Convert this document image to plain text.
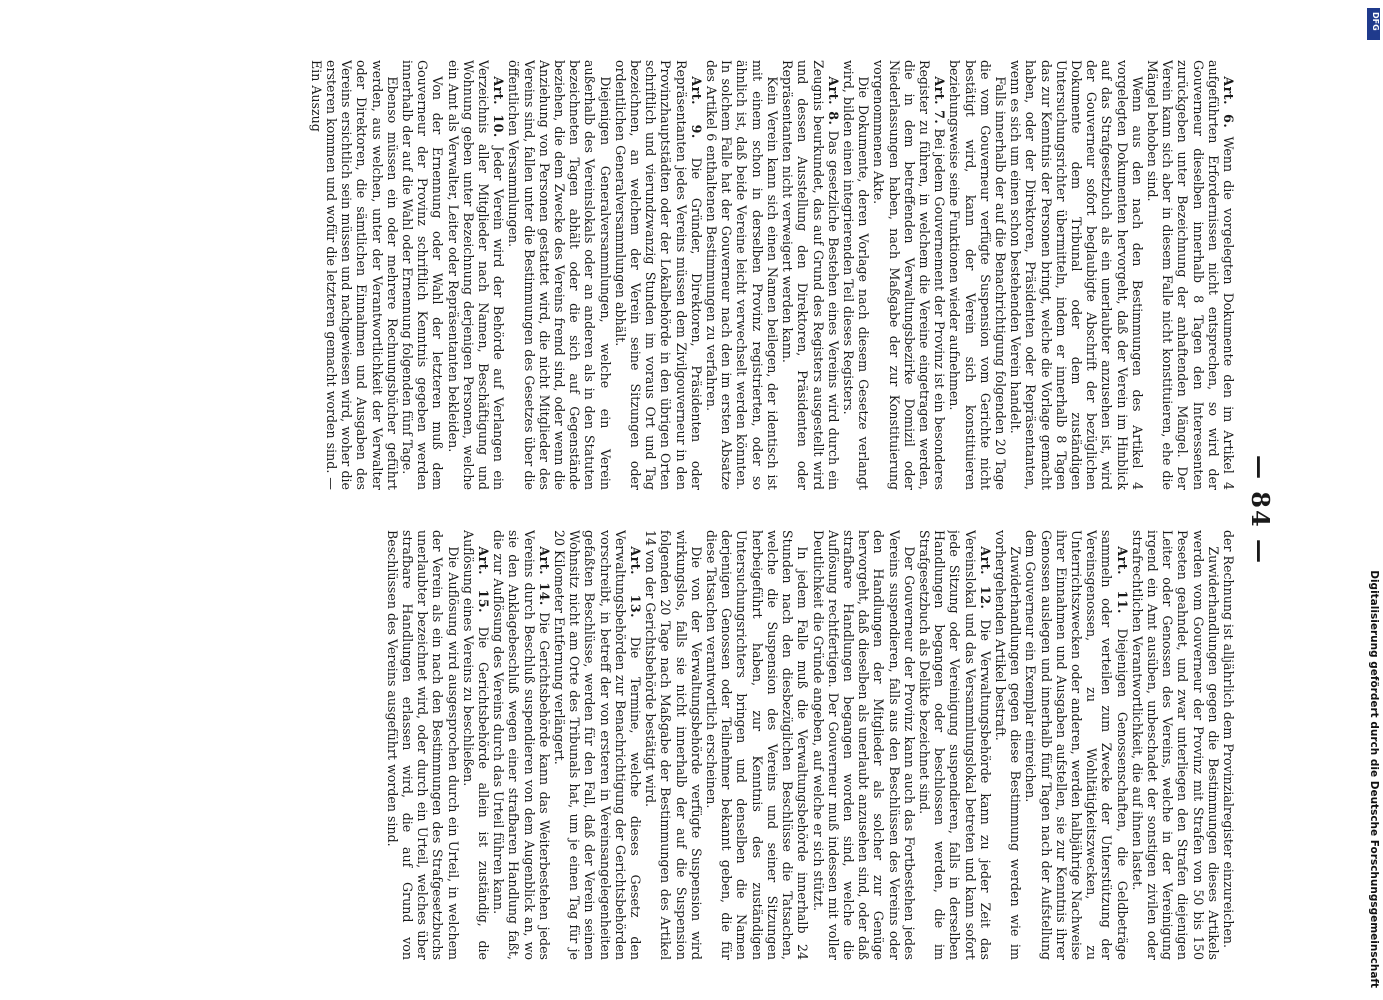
— 84 —

Art. 6. Wenn die vorgelegten Dokumente den im Artikel 4 aufgeführten Erfordernissen nicht entsprechen, so wird der Gouverneur dieselben innerhalb 8 Tagen den Interessenten zurückgeben unter Bezeichnung der anhaftenden Mängel. Der Verein kann sich aber in diesem Falle nicht konstituieren, ehe die Mängel behoben sind.

Wenn aus den nach den Bestimmungen des Artikel 4 vorgelegten Dokumenten hervorgeht, daß der Verein im Hinblick auf das Strafgesetzbuch als ein unerlaubter anzusehen ist, wird der Gouverneur sofort beglaubigte Abschrift der bezüglichen Dokumente dem Tribunal oder dem zuständigen Untersuchungsrichter übermitteln, indem er innerhalb 8 Tagen das zur Kenntnis der Personen bringt, welche die Vorlage gemacht haben, oder der Direktoren, Präsidenten oder Repräsentanten, wenn es sich um einen schon bestehenden Verein handelt.

Falls innerhalb der auf die Benachrichtigung folgenden 20 Tage die vom Gouverneur verfügte Suspension vom Gerichte nicht bestätigt wird, kann der Verein sich konstituieren beziehungsweise seine Funktionen wieder aufnehmen.

Art. 7. Bei jedem Gouvernement der Provinz ist ein besonderes Register zu führen, in welchem die Vereine eingetragen werden, die in dem betreffenden Verwaltungsbezirke Domizil oder Niederlassungen haben, nach Maßgabe der zur Konstituierung vorgenommenen Akte.

Die Dokumente, deren Vorlage nach diesem Gesetze verlangt wird, bilden einen integrierenden Teil dieses Registers.

Art. 8. Das gesetzliche Bestehen eines Vereins wird durch ein Zeugnis beurkundet, das auf Grund des Registers ausgestellt wird und dessen Ausstellung den Direktoren, Präsidenten oder Repräsentanten nicht verweigert werden kann.

Kein Verein kann sich einen Namen beilegen, der identisch ist mit einem schon in derselben Provinz registrierten, oder so ähnlich ist, daß beide Vereine leicht verwechselt werden könnten. In solchem Falle hat der Gouverneur nach den im ersten Absatze des Artikel 6 enthaltenen Bestimmungen zu verfahren.

Art. 9. Die Gründer, Direktoren, Präsidenten oder Repräsentanten jedes Vereins müssen dem Zivilgouverneur in den Provinzhauptstädten oder der Lokalbehörde in den übrigen Orten schriftlich und vierundzwanzig Stunden im voraus Ort und Tag bezeichnen, an welchem der Verein seine Sitzungen oder ordentlichen Generalversammlungen abhält.

Diejenigen Generalversammlungen, welche ein Verein außerhalb des Vereinslokals oder an anderen als in den Statuten bezeichneten Tagen abhält oder die sich auf Gegenstände beziehen, die dem Zwecke des Vereins fremd sind, oder wenn die Anziehung von Personen gestattet wird, die nicht Mitglieder des Vereins sind, fallen unter die Bestimmungen des Gesetzes über die öffentlichen Versammlungen.

Art. 10. Jeder Verein wird der Behörde auf Verlangen ein Verzeichnis aller Mitglieder nach Namen, Beschäftigung und Wohnung geben unter Bezeichnung derjenigen Personen, welche ein Amt als Verwalter, Leiter oder Repräsentanten bekleiden.

Von der Ernennung oder Wahl der letzteren muß dem Gouverneur der Provinz schriftlich Kenntnis gegeben werden innerhalb der auf die Wahl oder Ernennung folgenden fünf Tage.

Ebenso müssen ein oder mehrere Rechnungsbücher geführt werden, aus welchen, unter der Verantwortlichkeit der Verwalter oder Direktoren, die sämtlichen Einnahmen und Ausgaben des Vereins ersichtlich sein müssen und nachgewiesen wird, woher die ersteren kommen und wofür die letzteren gemacht worden sind. — Ein Auszug

der Rechnung ist alljährlich dem Provinzialregister einzureichen.

Zuwiderhandlungen gegen die Bestimmungen dieses Artikels werden vom Gouverneur der Provinz mit Strafen von 50 bis 150 Peseten geahndet, und zwar unterliegen den Strafen diejenigen Leiter oder Genossen des Vereins, welche in der Vereinigung irgend ein Amt ausüben, unbeschadet der sonstigen zivilen oder strafrechtlichen Verantwortlichkeit, die auf ihnen lastet.

Art. 11. Diejenigen Genossenschaften, die Geldbeträge sammeln oder verteilen zum Zwecke der Unterstützung der Vereinsgenossen, zu Wohltätigkeitszwecken, zu Unterrichtszwecken oder anderen, werden halbjährige Nachweise ihrer Einnahmen und Ausgaben aufstellen, sie zur Kenntnis ihrer Genossen auslegen und innerhalb fünf Tagen nach der Aufstellung dem Gouverneur ein Exemplar einreichen.

Zuwiderhandlungen gegen diese Bestimmung werden wie im vorhergehenden Artikel bestraft.

Art. 12. Die Verwaltungsbehörde kann zu jeder Zeit das Vereinslokal und das Versammlungslokal betreten und kann sofort jede Sitzung oder Vereinigung suspendieren, falls in derselben Handlungen begangen oder beschlossen werden, die im Strafgesetzbuch als Delikte bezeichnet sind.

Der Gouverneur der Provinz kann auch das Fortbestehen jedes Vereins suspendieren, falls aus den Beschlüssen des Vereins oder den Handlungen der Mitglieder als solcher zur Genüge hervorgeht, daß dieselben als unerlaubt anzusehen sind, oder daß strafbare Handlungen begangen worden sind, welche die Auflösung rechtfertigen. Der Gouverneur muß indessen mit voller Deutlichkeit die Gründe angeben, auf welche er sich stützt.

In jedem Falle muß die Verwaltungsbehörde innerhalb 24 Stunden nach den diesbezüglichen Beschlüsse die Tatsachen, welche die Suspension des Vereins und seiner Sitzungen herbeigeführt haben, zur Kenntnis des zuständigen Untersuchungsrichters bringen und denselben die Namen derjenigen Genossen oder Teilnehmer bekannt geben, die für diese Tatsachen verantwortlich erscheinen.

Die von der Verwaltungsbehörde verfügte Suspension wird wirkungslos, falls sie nicht innerhalb der auf die Suspension folgenden 20 Tage nach Maßgabe der Bestimmungen des Artikel 14 von der Gerichtsbehörde bestätigt wird.

Art. 13. Die Termine, welche dieses Gesetz den Verwaltungsbehörden zur Benachrichtigung der Gerichtsbehörden vorschreibt, in betreff der von ersteren in Vereinsangelegenheiten gefaßten Beschlüsse, werden für den Fall, daß der Verein seinen Wohnsitz nicht am Orte des Tribunals hat, um je einen Tag für je 20 Kilometer Entfernung verlängert.

Art. 14. Die Gerichtsbehörde kann das Weiterbestehen jedes Vereins durch Beschluß suspendieren von dem Augenblick an, wo sie den Anklagebeschluß wegen einer strafbaren Handlung faßt, die zur Auflösung des Vereins durch das Urteil führen kann.

Art. 15. Die Gerichtsbehörde allein ist zuständig, die Auflösung eines Vereins zu beschließen.

Die Auflösung wird ausgesprochen durch ein Urteil, in welchem der Verein als ein nach den Bestimmungen des Strafgesetzbuchs unerlaubter bezeichnet wird, oder durch ein Urteil, welches über strafbare Handlungen erlassen wird, die auf Grund von Beschlüssen des Vereins ausgeführt worden sind.

DFG
Digitalisierung gefördert durch die Deutsche Forschungsgemeinschaft
